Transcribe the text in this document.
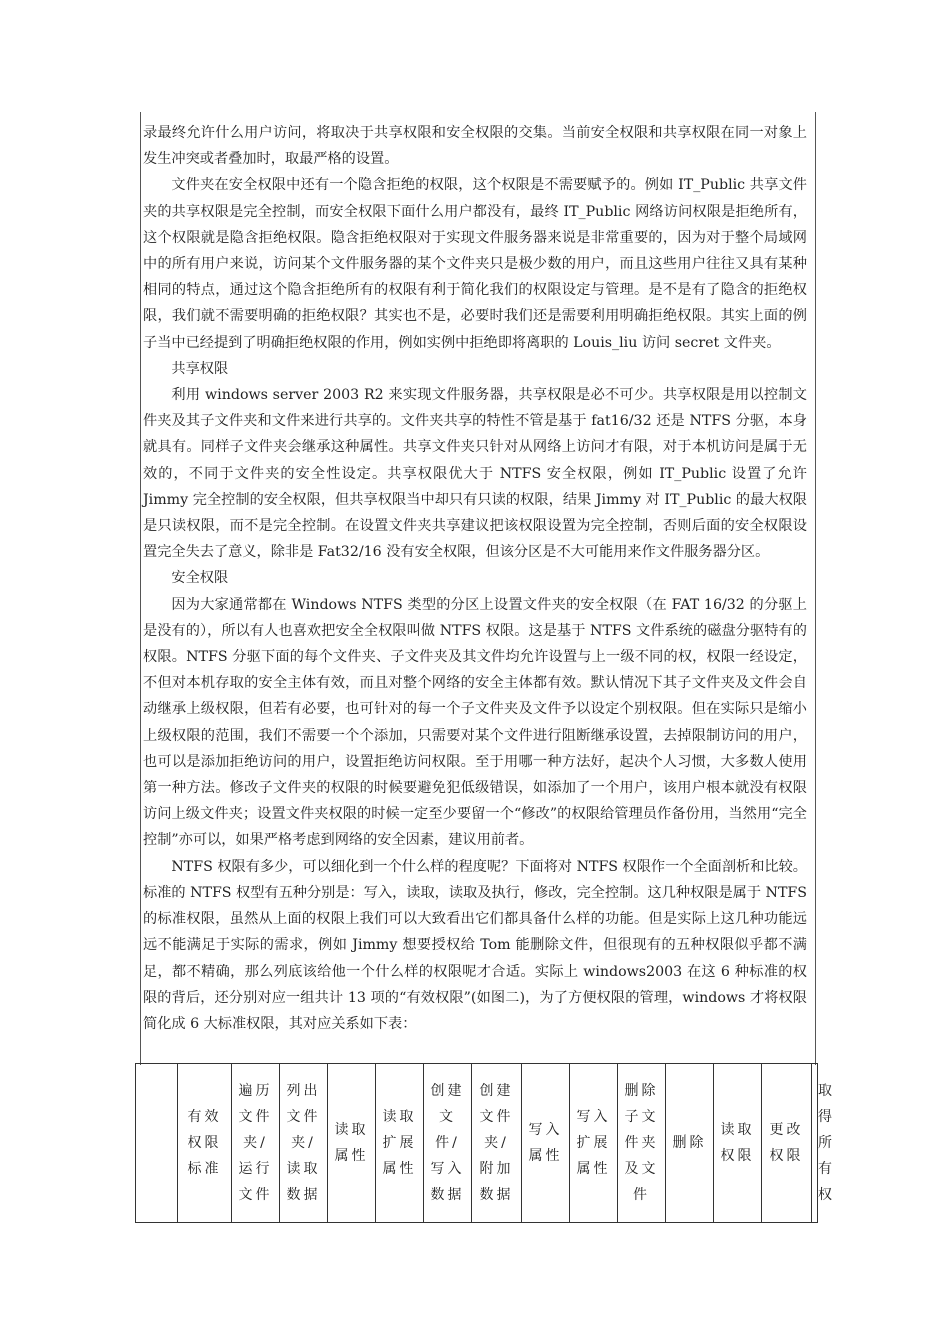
录最终允许什么用户访问，将取决于共享权限和安全权限的交集。当前安全权限和共享权限在同一对象上发生冲突或者叠加时，取最严格的设置。

文件夹在安全权限中还有一个隐含拒绝的权限，这个权限是不需要赋予的。例如 IT_Public 共享文件夹的共享权限是完全控制，而安全权限下面什么用户都没有，最终 IT_Public 网络访问权限是拒绝所有，这个权限就是隐含拒绝权限。隐含拒绝权限对于实现文件服务器来说是非常重要的，因为对于整个局域网中的所有用户来说，访问某个文件服务器的某个文件夹只是极少数的用户，而且这些用户往往又具有某种相同的特点，通过这个隐含拒绝所有的权限有利于简化我们的权限设定与管理。是不是有了隐含的拒绝权限，我们就不需要明确的拒绝权限？其实也不是，必要时我们还是需要利用明确拒绝权限。其实上面的例子当中已经提到了明确拒绝权限的作用，例如实例中拒绝即将离职的 Louis_liu 访问 secret 文件夹。

共享权限

利用 windows server 2003 R2 来实现文件服务器，共享权限是必不可少。共享权限是用以控制文件夹及其子文件夹和文件来进行共享的。文件夹共享的特性不管是基于 fat16/32 还是 NTFS 分驱，本身就具有。同样子文件夹会继承这种属性。共享文件夹只针对从网络上访问才有限，对于本机访问是属于无效的，不同于文件夹的安全性设定。共享权限优大于 NTFS 安全权限，例如 IT_Public 设置了允许 Jimmy 完全控制的安全权限，但共享权限当中却只有只读的权限，结果 Jimmy 对 IT_Public 的最大权限是只读权限，而不是完全控制。在设置文件夹共享建议把该权限设置为完全控制，否则后面的安全权限设置完全失去了意义，除非是 Fat32/16 没有安全权限，但该分区是不大可能用来作文件服务器分区。

安全权限

因为大家通常都在 Windows NTFS 类型的分区上设置文件夹的安全权限（在 FAT 16/32 的分驱上是没有的），所以有人也喜欢把安全全权限叫做 NTFS 权限。这是基于 NTFS 文件系统的磁盘分驱特有的权限。NTFS 分驱下面的每个文件夹、子文件夹及其文件均允许设置与上一级不同的权，权限一经设定，不但对本机存取的安全主体有效，而且对整个网络的安全主体都有效。默认情况下其子文件夹及文件会自动继承上级权限，但若有必要，也可针对的每一个子文件夹及文件予以设定个别权限。但在实际只是缩小上级权限的范围，我们不需要一个个添加，只需要对某个文件进行阻断继承设置，去掉限制访问的用户，也可以是添加拒绝访问的用户，设置拒绝访问权限。至于用哪一种方法好，起决个人习惯，大多数人使用第一种方法。修改子文件夹的权限的时候要避免犯低级错误，如添加了一个用户，该用户根本就没有权限访问上级文件夹；设置文件夹权限的时候一定至少要留一个“修改”的权限给管理员作备份用，当然用“完全控制”亦可以，如果严格考虑到网络的安全因素，建议用前者。

NTFS 权限有多少，可以细化到一个什么样的程度呢？下面将对 NTFS 权限作一个全面剖析和比较。标准的 NTFS 权型有五种分别是：写入，读取，读取及执行，修改，完全控制。这几种权限是属于 NTFS 的标准权限，虽然从上面的权限上我们可以大致看出它们都具备什么样的功能。但是实际上这几种功能远远不能满足于实际的需求，例如 Jimmy 想要授权给 Tom 能删除文件，但很现有的五种权限似乎都不满足，都不精确，那么列底该给他一个什么样的权限呢才合适。实际上 windows2003 在这 6 种标准的权限的背后，还分别对应一组共计 13 项的“有效权限”(如图二)，为了方便权限的管理，windows 才将权限简化成 6 大标准权限，其对应关系如下表：

	有效权限标准	遍历文件夹/运行文件	列出文件夹/读取数据	读取属性	读取扩展属性	创建文件/写入数据	创建文件夹/附加数据	写入属性	写入扩展属性	删除子文件夹及文件	删除	读取权限	更改权限	取得所有权
